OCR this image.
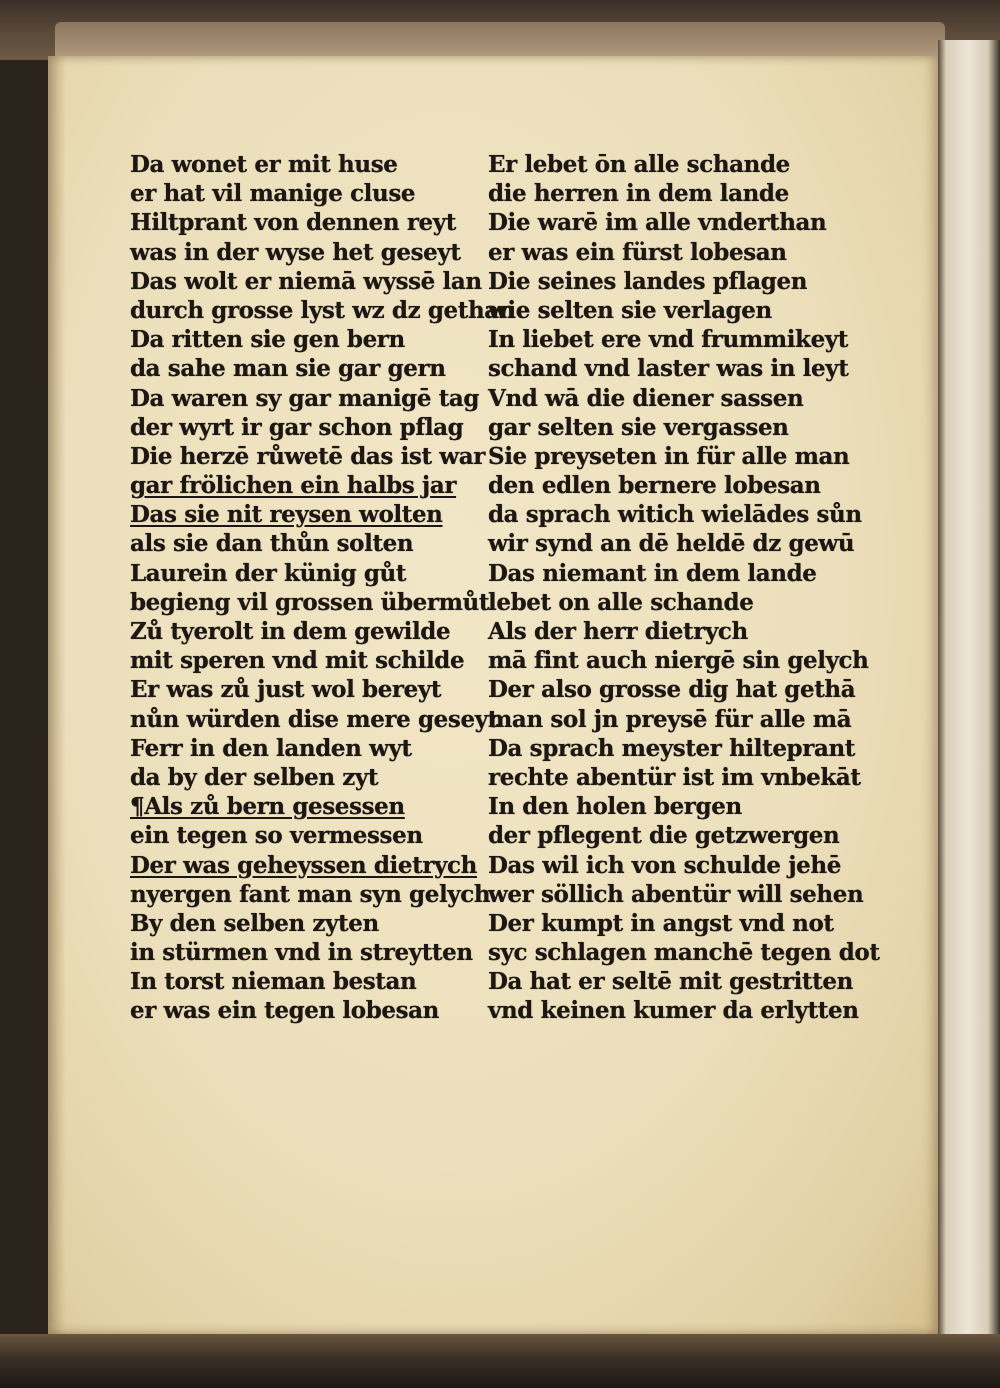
Da wonet er mit huse
er hat vil manige cluse
Hiltprant von dennen reyt
was in der wyse het geseyt
Das wolt er niemā wyssē lan
durch grosse lyst wz dz gethan
Da ritten sie gen bern
da sahe man sie gar gern
Da waren sy gar manigē tag
der wyrt ir gar schon pflag
Die herzē růwetē das ist war
gar frölichen ein halbs jar
Das sie nit reysen wolten
als sie dan thůn solten
Laurein der künig gůt
begieng vil grossen übermůt
Zů tyerolt in dem gewilde
mit speren vnd mit schilde
Er was zů just wol bereyt
nůn würden dise mere geseyt
Ferr in den landen wyt
da by der selben zyt
¶Als zů bern gesessen
ein tegen so vermessen
Der was geheyssen dietrych
nyergen fant man syn gelych
By den selben zyten
in stürmen vnd in streytten
In torst nieman bestan
er was ein tegen lobesan
Er lebet ōn alle schande
die herren in dem lande
Die warē im alle vnderthan
er was ein fürst lobesan
Die seines landes pflagen
wie selten sie verlagen
In liebet ere vnd frummikeyt
schand vnd laster was in leyt
Vnd wā die diener sassen
gar selten sie vergassen
Sie preyseten in für alle man
den edlen bernere lobesan
da sprach witich wielādes sůn
wir synd an dē heldē dz gewū
Das niemant in dem lande
lebet on alle schande
Als der herr dietrych
mā fint auch niergē sin gelych
Der also grosse dig hat gethā
man sol jn preysē für alle mā
Da sprach meyster hilteprant
rechte abentür ist im vnbekāt
In den holen bergen
der pflegent die getzwergen
Das wil ich von schulde jehē
wer söllich abentür will sehen
Der kumpt in angst vnd not
syc schlagen manchē tegen dot
Da hat er seltē mit gestritten
vnd keinen kumer da erlytten
